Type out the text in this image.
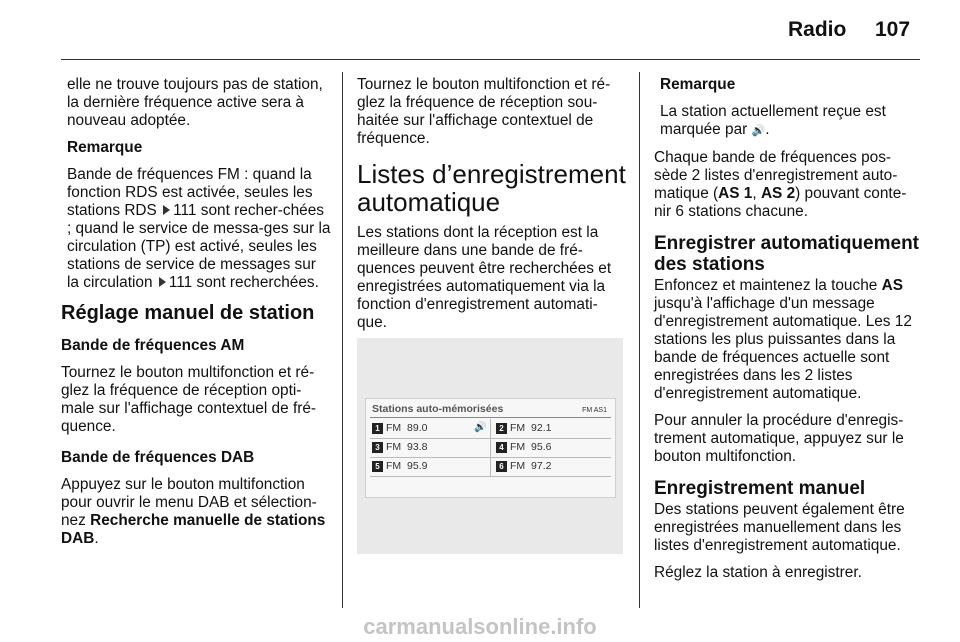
Radio 107

elle ne trouve toujours pas de station, la dernière fréquence active sera à nouveau adoptée.

Remarque

Bande de fréquences FM : quand la fonction RDS est activée, seules les stations RDS 111 sont recher-chées ; quand le service de messa-ges sur la circulation (TP) est activé, seules les stations de service de messages sur la circulation 111 sont recherchées.

Réglage manuel de station

Bande de fréquences AM

Tournez le bouton multifonction et ré-glez la fréquence de réception opti-male sur l'affichage contextuel de fré-quence.

Bande de fréquences DAB

Appuyez sur le bouton multifonction pour ouvrir le menu DAB et sélection-nez Recherche manuelle de stations DAB.

Tournez le bouton multifonction et ré-glez la fréquence de réception sou-haitée sur l'affichage contextuel de fréquence.

Listes d’enregistrement automatique

Les stations dont la réception est la meilleure dans une bande de fré-quences peuvent être recherchées et enregistrées automatiquement via la fonction d'enregistrement automati-que.

Stations auto-mémorisées	FM AS1
1 FM 89.0	🔊	2 FM 92.1
3 FM 93.8	4 FM 95.6
5 FM 95.9	6 FM 97.2

Remarque

La station actuellement reçue est marquée par 🔊.

Chaque bande de fréquences pos-sède 2 listes d'enregistrement auto-matique (AS 1, AS 2) pouvant conte-nir 6 stations chacune.

Enregistrer automatiquement des stations

Enfoncez et maintenez la touche AS jusqu'à l'affichage d'un message d'enregistrement automatique. Les 12 stations les plus puissantes dans la bande de fréquences actuelle sont enregistrées dans les 2 listes d'enregistrement automatique.

Pour annuler la procédure d'enregis-trement automatique, appuyez sur le bouton multifonction.

Enregistrement manuel

Des stations peuvent également être enregistrées manuellement dans les listes d'enregistrement automatique.

Réglez la station à enregistrer.

carmanualsonline.info
